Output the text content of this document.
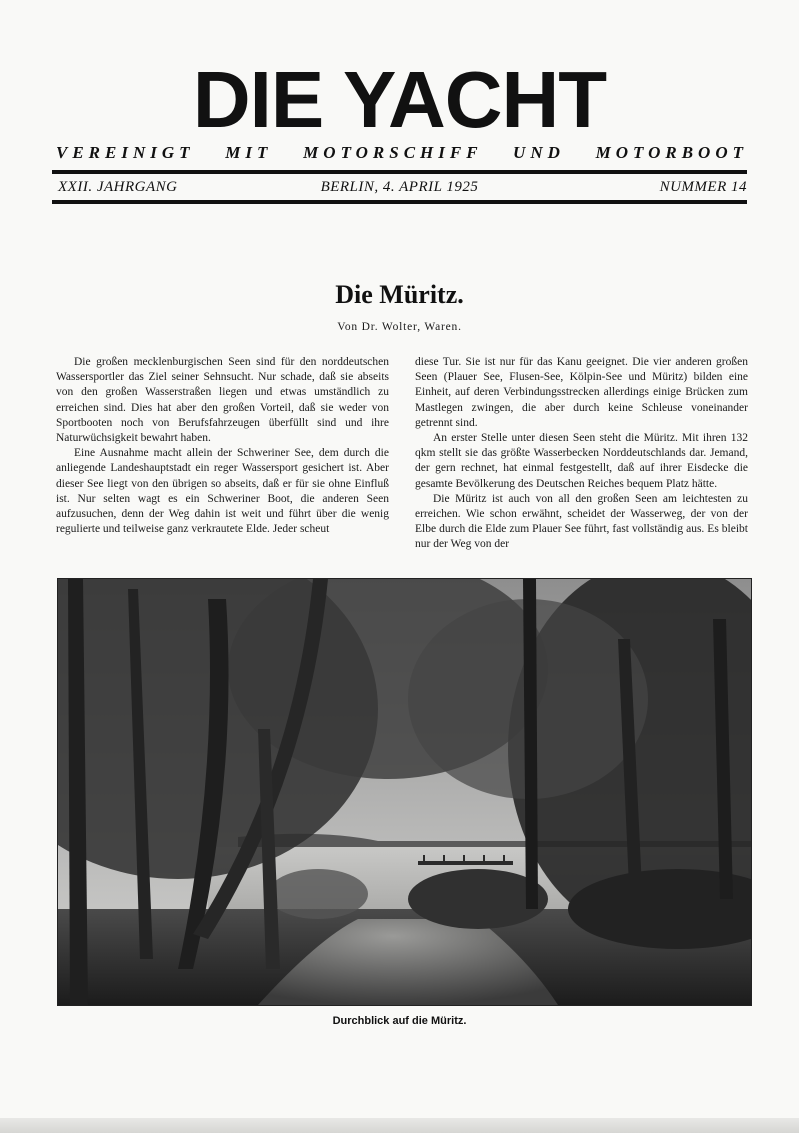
DIE YACHT
VEREINIGT MIT MOTORSCHIFF UND MOTORBOOT
XXII. JAHRGANG	BERLIN, 4. APRIL 1925	NUMMER 14
Die Müritz.
Von Dr. Wolter, Waren.

Die großen mecklenburgischen Seen sind für den norddeutschen Wassersportler das Ziel seiner Sehnsucht. Nur schade, daß sie abseits von den großen Wasserstraßen liegen und etwas umständlich zu erreichen sind. Dies hat aber den großen Vorteil, daß sie weder von Sportbooten noch von Berufsfahrzeugen überfüllt sind und ihre Naturwüchsigkeit bewahrt haben.

Eine Ausnahme macht allein der Schweriner See, dem durch die anliegende Landeshauptstadt ein reger Wassersport gesichert ist. Aber dieser See liegt von den übrigen so abseits, daß er für sie ohne Einfluß ist. Nur selten wagt es ein Schweriner Boot, die anderen Seen aufzusuchen, denn der Weg dahin ist weit und führt über die wenig regulierte und teilweise ganz verkrautete Elde. Jeder scheut

diese Tur. Sie ist nur für das Kanu geeignet. Die vier anderen großen Seen (Plauer See, Flusen-See, Kölpin-See und Müritz) bilden eine Einheit, auf deren Verbindungsstrecken allerdings einige Brücken zum Mastlegen zwingen, die aber durch keine Schleuse voneinander getrennt sind.

An erster Stelle unter diesen Seen steht die Müritz. Mit ihren 132 qkm stellt sie das größte Wasserbecken Norddeutschlands dar. Jemand, der gern rechnet, hat einmal festgestellt, daß auf ihrer Eisdecke die gesamte Bevölkerung des Deutschen Reiches bequem Platz hätte.

Die Müritz ist auch von all den großen Seen am leichtesten zu erreichen. Wie schon erwähnt, scheidet der Wasserweg, der von der Elbe durch die Elde zum Plauer See führt, fast vollständig aus. Es bleibt nur der Weg von der

Durchblick auf die Müritz.
